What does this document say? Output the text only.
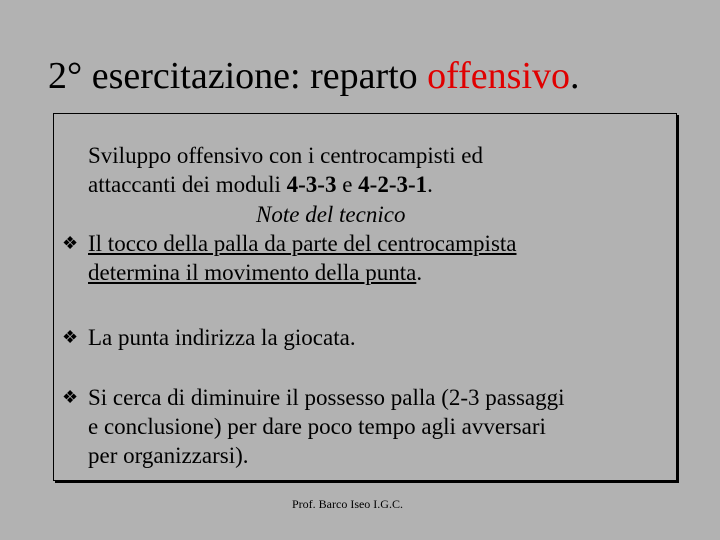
2° esercitazione: reparto offensivo.
Sviluppo offensivo con i centrocampisti ed
attaccanti dei moduli 4-3-3 e 4-2-3-1.
Note del tecnico
❖ Il tocco della palla da parte del centrocampista
determina il movimento della punta.
❖ La punta indirizza la giocata.
❖ Si cerca di diminuire il possesso palla (2-3 passaggi
e conclusione) per dare poco tempo agli avversari
per organizzarsi).
Prof. Barco Iseo I.G.C.
